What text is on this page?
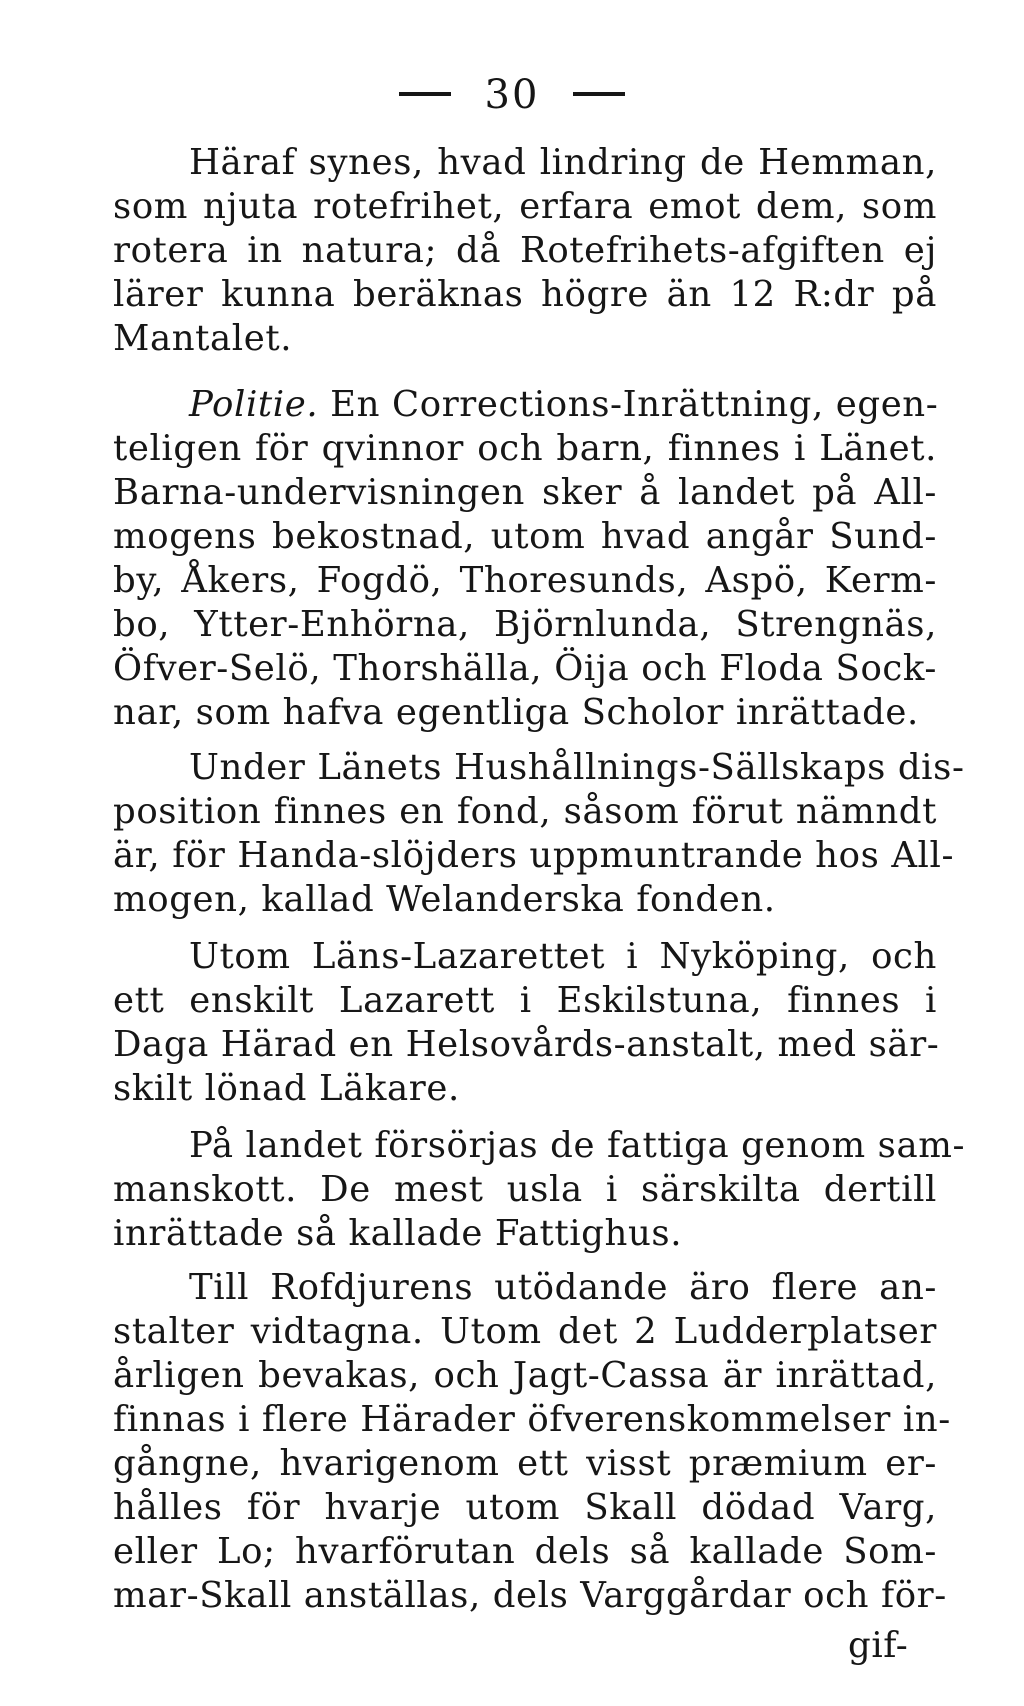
30
Häraf synes, hvad lindring de Hemman,
som njuta rotefrihet, erfara emot dem, som
rotera in natura; då Rotefrihets-afgiften ej
lärer kunna beräknas högre än 12 R:dr på
Mantalet.
Politie. En Corrections-Inrättning, egen-
teligen för qvinnor och barn, finnes i Länet.
Barna-undervisningen sker å landet på All-
mogens bekostnad, utom hvad angår Sund-
by, Åkers, Fogdö, Thoresunds, Aspö, Kerm-
bo, Ytter-Enhörna, Björnlunda, Strengnäs,
Öfver-Selö, Thorshälla, Öija och Floda Sock-
nar, som hafva egentliga Scholor inrättade.
Under Länets Hushållnings-Sällskaps dis-
position finnes en fond, såsom förut nämndt
är, för Handa-slöjders uppmuntrande hos All-
mogen, kallad Welanderska fonden.
Utom Läns-Lazarettet i Nyköping, och
ett enskilt Lazarett i Eskilstuna, finnes i
Daga Härad en Helsovårds-anstalt, med sär-
skilt lönad Läkare.
På landet försörjas de fattiga genom sam-
manskott. De mest usla i särskilta dertill
inrättade så kallade Fattighus.
Till Rofdjurens utödande äro flere an-
stalter vidtagna. Utom det 2 Ludderplatser
årligen bevakas, och Jagt-Cassa är inrättad,
finnas i flere Härader öfverenskommelser in-
gångne, hvarigenom ett visst præmium er-
hålles för hvarje utom Skall dödad Varg,
eller Lo; hvarförutan dels så kallade Som-
mar-Skall anställas, dels Varggårdar och för-
gif-
